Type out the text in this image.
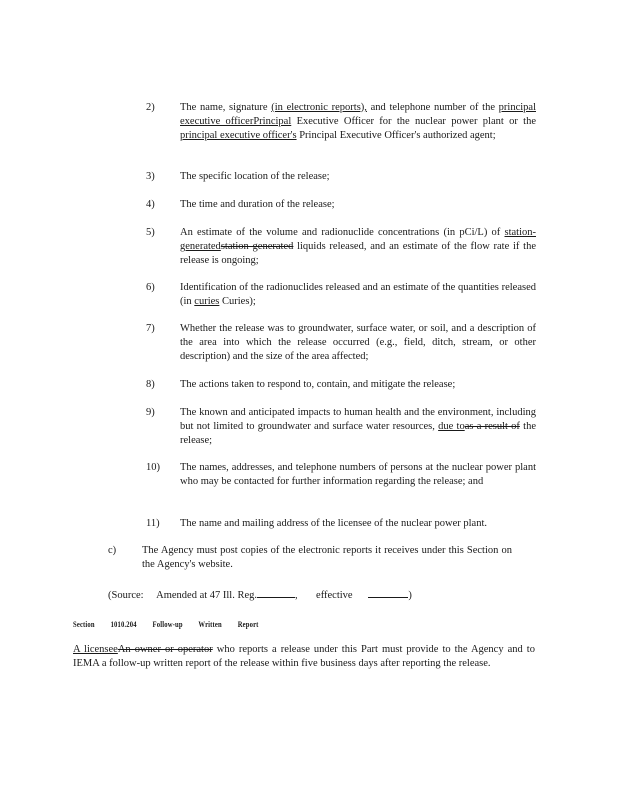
2)	The name, signature (in electronic reports), and telephone number of the principal executive officerPrincipal Executive Officer for the nuclear power plant or the principal executive officer's Principal Executive Officer's authorized agent;
3)	The specific location of the release;
4)	The time and duration of the release;
5)	An estimate of the volume and radionuclide concentrations (in pCi/L) of station-generatedstation generated liquids released, and an estimate of the flow rate if the release is ongoing;
6)	Identification of the radionuclides released and an estimate of the quantities released (in curies Curies);
7)	Whether the release was to groundwater, surface water, or soil, and a description of the area into which the release occurred (e.g., field, ditch, stream, or other description) and the size of the area affected;
8)	The actions taken to respond to, contain, and mitigate the release;
9)	The known and anticipated impacts to human health and the environment, including but not limited to groundwater and surface water resources, due toas a result of the release;
10)	The names, addresses, and telephone numbers of persons at the nuclear power plant who may be contacted for further information regarding the release; and
11)	The name and mailing address of the licensee of the nuclear power plant.
c)	The Agency must post copies of the electronic reports it receives under this Section on the Agency's website.
(Source: Amended at 47 Ill. Reg.	, effective	)
Section 1010.204 Follow-up Written Report
A licenseeAn owner or operator who reports a release under this Part must provide to the Agency and to IEMA a follow-up written report of the release within five business days after reporting the release.
